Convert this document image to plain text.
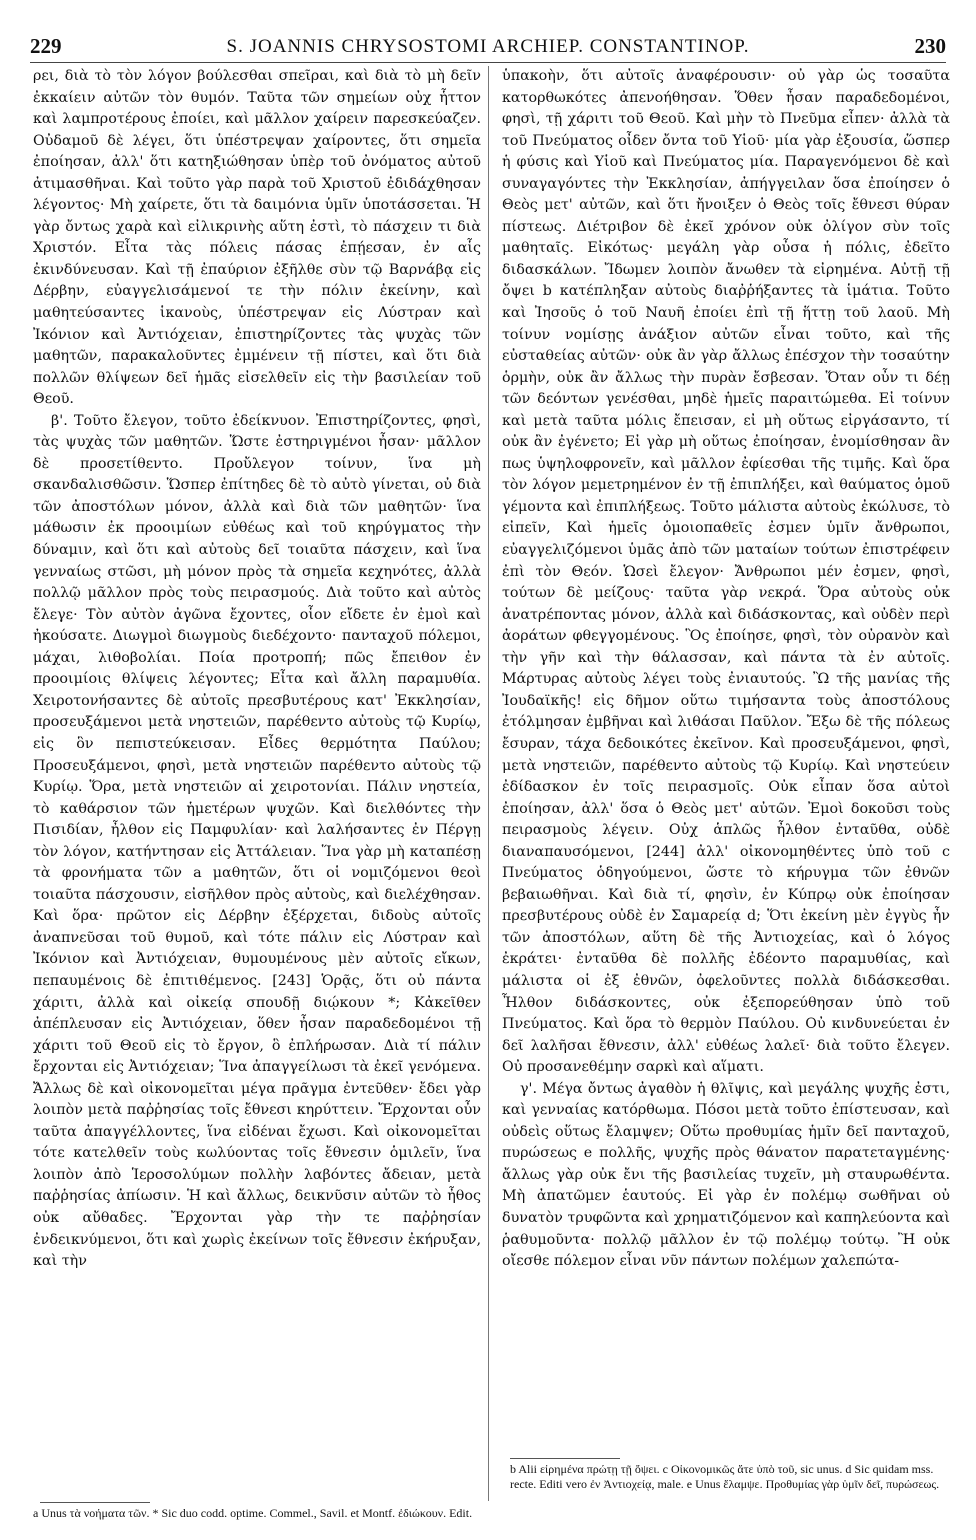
229	S. JOANNIS CHRYSOSTOMI ARCHIEP. CONSTANTINOP.	230

ρει, διὰ τὸ τὸν λόγον βούλεσθαι σπεῖραι, καὶ διὰ τὸ μὴ δεῖν ἐκκαίειν αὐτῶν τὸν θυμόν. Ταῦτα τῶν σημείων οὐχ ἧττον καὶ λαμπροτέρους ἐποίει, καὶ μᾶλλον χαίρειν παρεσκεύαζεν. Οὐδαμοῦ δὲ λέγει, ὅτι ὑπέστρεψαν χαίροντες, ὅτι σημεῖα ἐποίησαν, ἀλλ' ὅτι κατηξιώθησαν ὑπὲρ τοῦ ὀνόματος αὐτοῦ ἀτιμασθῆναι. Καὶ τοῦτο γὰρ παρὰ τοῦ Χριστοῦ ἐδιδάχθησαν λέγοντος· Μὴ χαίρετε, ὅτι τὰ δαιμόνια ὑμῖν ὑποτάσσεται. Ἡ γὰρ ὄντως χαρὰ καὶ εἰλικρινὴς αὕτη ἐστὶ, τὸ πάσχειν τι διὰ Χριστόν. Εἶτα τὰς πόλεις πάσας ἐπῄεσαν, ἐν αἷς ἐκινδύνευσαν. Καὶ τῇ ἐπαύριον ἐξῆλθε σὺν τῷ Βαρνάβᾳ εἰς Δέρβην, εὐαγγελισάμενοί τε τὴν πόλιν ἐκείνην, καὶ μαθητεύσαντες ἱκανοὺς, ὑπέστρεψαν εἰς Λύστραν καὶ Ἰκόνιον καὶ Ἀντιόχειαν, ἐπιστηρίζοντες τὰς ψυχὰς τῶν μαθητῶν, παρακαλοῦντες ἐμμένειν τῇ πίστει, καὶ ὅτι διὰ πολλῶν θλίψεων δεῖ ἡμᾶς εἰσελθεῖν εἰς τὴν βασιλείαν τοῦ Θεοῦ.

β'. Τοῦτο ἔλεγον, τοῦτο ἐδείκνυον. Ἐπιστηρίζοντες, φησὶ, τὰς ψυχὰς τῶν μαθητῶν. Ὥστε ἐστηριγμένοι ἦσαν· μᾶλλον δὲ προσετίθεντο. Προὔλεγον τοίνυν, ἵνα μὴ σκανδαλισθῶσιν. Ὥσπερ ἐπίτηδες δὲ τὸ αὐτὸ γίνεται, οὐ διὰ τῶν ἀποστόλων μόνον, ἀλλὰ καὶ διὰ τῶν μαθητῶν· ἵνα μάθωσιν ἐκ προοιμίων εὐθέως καὶ τοῦ κηρύγματος τὴν δύναμιν, καὶ ὅτι καὶ αὐτοὺς δεῖ τοιαῦτα πάσχειν, καὶ ἵνα γενναίως στῶσι, μὴ μόνον πρὸς τὰ σημεῖα κεχηνότες, ἀλλὰ πολλῷ μᾶλλον πρὸς τοὺς πειρασμούς. Διὰ τοῦτο καὶ αὐτὸς ἔλεγε· Τὸν αὐτὸν ἀγῶνα ἔχοντες, οἷον εἴδετε ἐν ἐμοὶ καὶ ἠκούσατε. Διωγμοὶ διωγμοὺς διεδέχοντο· πανταχοῦ πόλεμοι, μάχαι, λιθοβολίαι. Ποία προτροπή; πῶς ἔπειθον ἐν προοιμίοις θλίψεις λέγοντες; Εἶτα καὶ ἄλλη παραμυθία. Χειροτονήσαντες δὲ αὐτοῖς πρεσβυτέρους κατ' Ἐκκλησίαν, προσευξάμενοι μετὰ νηστειῶν, παρέθεντο αὐτοὺς τῷ Κυρίῳ, εἰς ὃν πεπιστεύκεισαν. Εἶδες θερμότητα Παύλου; Προσευξάμενοι, φησὶ, μετὰ νηστειῶν παρέθεντο αὐτοὺς τῷ Κυρίῳ. Ὅρα, μετὰ νηστειῶν αἱ χειροτονίαι. Πάλιν νηστεία, τὸ καθάρσιον τῶν ἡμετέρων ψυχῶν. Καὶ διελθόντες τὴν Πισιδίαν, ἦλθον εἰς Παμφυλίαν· καὶ λαλήσαντες ἐν Πέργῃ τὸν λόγον, κατήντησαν εἰς Ἀττάλειαν. Ἵνα γὰρ μὴ καταπέσῃ τὰ φρονήματα τῶν a μαθητῶν, ὅτι οἱ νομιζόμενοι θεοὶ τοιαῦτα πάσχουσιν, εἰσῆλθον πρὸς αὐτοὺς, καὶ διελέχθησαν. Καὶ ὅρα· πρῶτον εἰς Δέρβην ἐξέρχεται, διδοὺς αὐτοῖς ἀναπνεῦσαι τοῦ θυμοῦ, καὶ τότε πάλιν εἰς Λύστραν καὶ Ἰκόνιον καὶ Ἀντιόχειαν, θυμουμένους μὲν αὐτοῖς εἴκων, πεπαυμένοις δὲ ἐπιτιθέμενος. [243] Ὁρᾷς, ὅτι οὐ πάντα χάριτι, ἀλλὰ καὶ οἰκείᾳ σπουδῇ διῴκουν *; Κἀκεῖθεν ἀπέπλευσαν εἰς Ἀντιόχειαν, ὅθεν ἦσαν παραδεδομένοι τῇ χάριτι τοῦ Θεοῦ εἰς τὸ ἔργον, ὃ ἐπλήρωσαν. Διὰ τί πάλιν ἔρχονται εἰς Ἀντιόχειαν; Ἵνα ἀπαγγείλωσι τὰ ἐκεῖ γενόμενα. Ἄλλως δὲ καὶ οἰκονομεῖται μέγα πρᾶγμα ἐντεῦθεν· ἔδει γὰρ λοιπὸν μετὰ παῤῥησίας τοῖς ἔθνεσι κηρύττειν. Ἔρχονται οὖν ταῦτα ἀπαγγέλλοντες, ἵνα εἰδέναι ἔχωσι. Καὶ οἰκονομεῖται τότε κατελθεῖν τοὺς κωλύοντας τοῖς ἔθνεσιν ὁμιλεῖν, ἵνα λοιπὸν ἀπὸ Ἱεροσολύμων πολλὴν λαβόντες ἄδειαν, μετὰ παῤῥησίας ἀπίωσιν. Ἡ καὶ ἄλλως, δεικνῦσιν αὐτῶν τὸ ἦθος οὐκ αὔθαδες. Ἔρχονται γὰρ τὴν τε παῤῥησίαν ἐνδεικνύμενοι, ὅτι καὶ χωρὶς ἐκείνων τοῖς ἔθνεσιν ἐκήρυξαν, καὶ τὴν

ὑπακοὴν, ὅτι αὐτοῖς ἀναφέρουσιν· οὐ γὰρ ὡς τοσαῦτα κατορθωκότες ἀπενοήθησαν. Ὅθεν ἦσαν παραδεδομένοι, φησὶ, τῇ χάριτι τοῦ Θεοῦ. Καὶ μὴν τὸ Πνεῦμα εἶπεν· ἀλλὰ τὰ τοῦ Πνεύματος οἶδεν ὄντα τοῦ Υἱοῦ· μία γὰρ ἐξουσία, ὥσπερ ἡ φύσις καὶ Υἱοῦ καὶ Πνεύματος μία. Παραγενόμενοι δὲ καὶ συναγαγόντες τὴν Ἐκκλησίαν, ἀπήγγειλαν ὅσα ἐποίησεν ὁ Θεὸς μετ' αὐτῶν, καὶ ὅτι ἤνοιξεν ὁ Θεὸς τοῖς ἔθνεσι θύραν πίστεως. Διέτριβον δὲ ἐκεῖ χρόνον οὐκ ὀλίγον σὺν τοῖς μαθηταῖς. Εἰκότως· μεγάλη γὰρ οὖσα ἡ πόλις, ἐδεῖτο διδασκάλων. Ἴδωμεν λοιπὸν ἄνωθεν τὰ εἰρημένα. Αὐτῇ τῇ ὄψει b κατέπληξαν αὐτοὺς διαῤῥήξαντες τὰ ἱμάτια. Τοῦτο καὶ Ἰησοῦς ὁ τοῦ Ναυῆ ἐποίει ἐπὶ τῇ ἥττῃ τοῦ λαοῦ. Μὴ τοίνυν νομίσῃς ἀνάξιον αὐτῶν εἶναι τοῦτο, καὶ τῆς εὐσταθείας αὐτῶν· οὐκ ἂν γὰρ ἄλλως ἐπέσχον τὴν τοσαύτην ὁρμὴν, οὐκ ἂν ἄλλως τὴν πυρὰν ἔσβεσαν. Ὅταν οὖν τι δέῃ τῶν δεόντων γενέσθαι, μηδὲ ἡμεῖς παραιτώμεθα. Εἰ τοίνυν καὶ μετὰ ταῦτα μόλις ἔπεισαν, εἰ μὴ οὕτως εἰργάσαντο, τί οὐκ ἂν ἐγένετο; Εἰ γὰρ μὴ οὕτως ἐποίησαν, ἐνομίσθησαν ἂν πως ὑψηλοφρονεῖν, καὶ μᾶλλον ἐφίεσθαι τῆς τιμῆς. Καὶ ὅρα τὸν λόγον μεμετρημένον ἐν τῇ ἐπιπλήξει, καὶ θαύματος ὁμοῦ γέμοντα καὶ ἐπιπλήξεως. Τοῦτο μάλιστα αὐτοὺς ἐκώλυσε, τὸ εἰπεῖν, Καὶ ἡμεῖς ὁμοιοπαθεῖς ἐσμεν ὑμῖν ἄνθρωποι, εὐαγγελιζόμενοι ὑμᾶς ἀπὸ τῶν ματαίων τούτων ἐπιστρέφειν ἐπὶ τὸν Θεόν. Ὡσεὶ ἔλεγον· Ἄνθρωποι μέν ἐσμεν, φησὶ, τούτων δὲ μείζους· ταῦτα γὰρ νεκρά. Ὅρα αὐτοὺς οὐκ ἀνατρέποντας μόνον, ἀλλὰ καὶ διδάσκοντας, καὶ οὐδὲν περὶ ἀοράτων φθεγγομένους. Ὃς ἐποίησε, φησὶ, τὸν οὐρανὸν καὶ τὴν γῆν καὶ τὴν θάλασσαν, καὶ πάντα τὰ ἐν αὐτοῖς. Μάρτυρας αὐτοὺς λέγει τοὺς ἐνιαυτούς. Ὢ τῆς μανίας τῆς Ἰουδαϊκῆς! εἰς δῆμον οὕτω τιμήσαντα τοὺς ἀποστόλους ἐτόλμησαν ἐμβῆναι καὶ λιθάσαι Παῦλον. Ἔξω δὲ τῆς πόλεως ἔσυραν, τάχα δεδοικότες ἐκεῖνον. Καὶ προσευξάμενοι, φησὶ, μετὰ νηστειῶν, παρέθεντο αὐτοὺς τῷ Κυρίῳ. Καὶ νηστεύειν ἐδίδασκον ἐν τοῖς πειρασμοῖς. Οὐκ εἶπαν ὅσα αὐτοὶ ἐποίησαν, ἀλλ' ὅσα ὁ Θεὸς μετ' αὐτῶν. Ἐμοὶ δοκοῦσι τοὺς πειρασμοὺς λέγειν. Οὐχ ἁπλῶς ἦλθον ἐνταῦθα, οὐδὲ διαναπαυσόμενοι, [244] ἀλλ' οἰκονομηθέντες ὑπὸ τοῦ c Πνεύματος ὁδηγούμενοι, ὥστε τὸ κήρυγμα τῶν ἐθνῶν βεβαιωθῆναι. Καὶ διὰ τί, φησὶν, ἐν Κύπρῳ οὐκ ἐποίησαν πρεσβυτέρους οὐδὲ ἐν Σαμαρείᾳ d; Ὅτι ἐκείνη μὲν ἐγγὺς ἦν τῶν ἀποστόλων, αὕτη δὲ τῆς Ἀντιοχείας, καὶ ὁ λόγος ἐκράτει· ἐνταῦθα δὲ πολλῆς ἐδέοντο παραμυθίας, καὶ μάλιστα οἱ ἐξ ἐθνῶν, ὀφελοῦντες πολλὰ διδάσκεσθαι. Ἦλθον διδάσκοντες, οὐκ ἐξεπορεύθησαν ὑπὸ τοῦ Πνεύματος. Καὶ ὅρα τὸ θερμὸν Παύλου. Οὐ κινδυνεύεται ἐν δεῖ λαλῆσαι ἔθνεσιν, ἀλλ' εὐθέως λαλεῖ· διὰ τοῦτο ἔλεγεν. Οὐ προσανεθέμην σαρκὶ καὶ αἵματι.

γ'. Μέγα ὄντως ἀγαθὸν ἡ θλῖψις, καὶ μεγάλης ψυχῆς ἐστι, καὶ γενναίας κατόρθωμα. Πόσοι μετὰ τοῦτο ἐπίστευσαν, καὶ οὐδεὶς οὕτως ἔλαμψεν; Οὕτω προθυμίας ἡμῖν δεῖ πανταχοῦ, πυρώσεως e πολλῆς, ψυχῆς πρὸς θάνατον παρατεταγμένης· ἄλλως γὰρ οὐκ ἔνι τῆς βασιλείας τυχεῖν, μὴ σταυρωθέντα. Μὴ ἀπατῶμεν ἑαυτούς. Εἰ γὰρ ἐν πολέμῳ σωθῆναι οὐ δυνατὸν τρυφῶντα καὶ χρηματιζόμενον καὶ καπηλεύοντα καὶ ῥαθυμοῦντα· πολλῷ μᾶλλον ἐν τῷ πολέμῳ τούτῳ. Ἢ οὐκ οἴεσθε πόλεμον εἶναι νῦν πάντων πολέμων χαλεπώτα-

a Unus τὰ νοήματα τῶν. * Sic duo codd. optime. Commel., Savil. et Montf. ἐδιώκουν. Edit.
b Alii εἰρημένα πρώτῃ τῇ ὄψει. c Οἰκονομικῶς ἅτε ὑπὸ τοῦ, sic unus. d Sic quidam mss. recte. Editi vero ἐν Ἀντιοχείᾳ, male. e Unus ἔλαμψε. Προθυμίας γὰρ ὑμῖν δεῖ, πυρώσεως.
